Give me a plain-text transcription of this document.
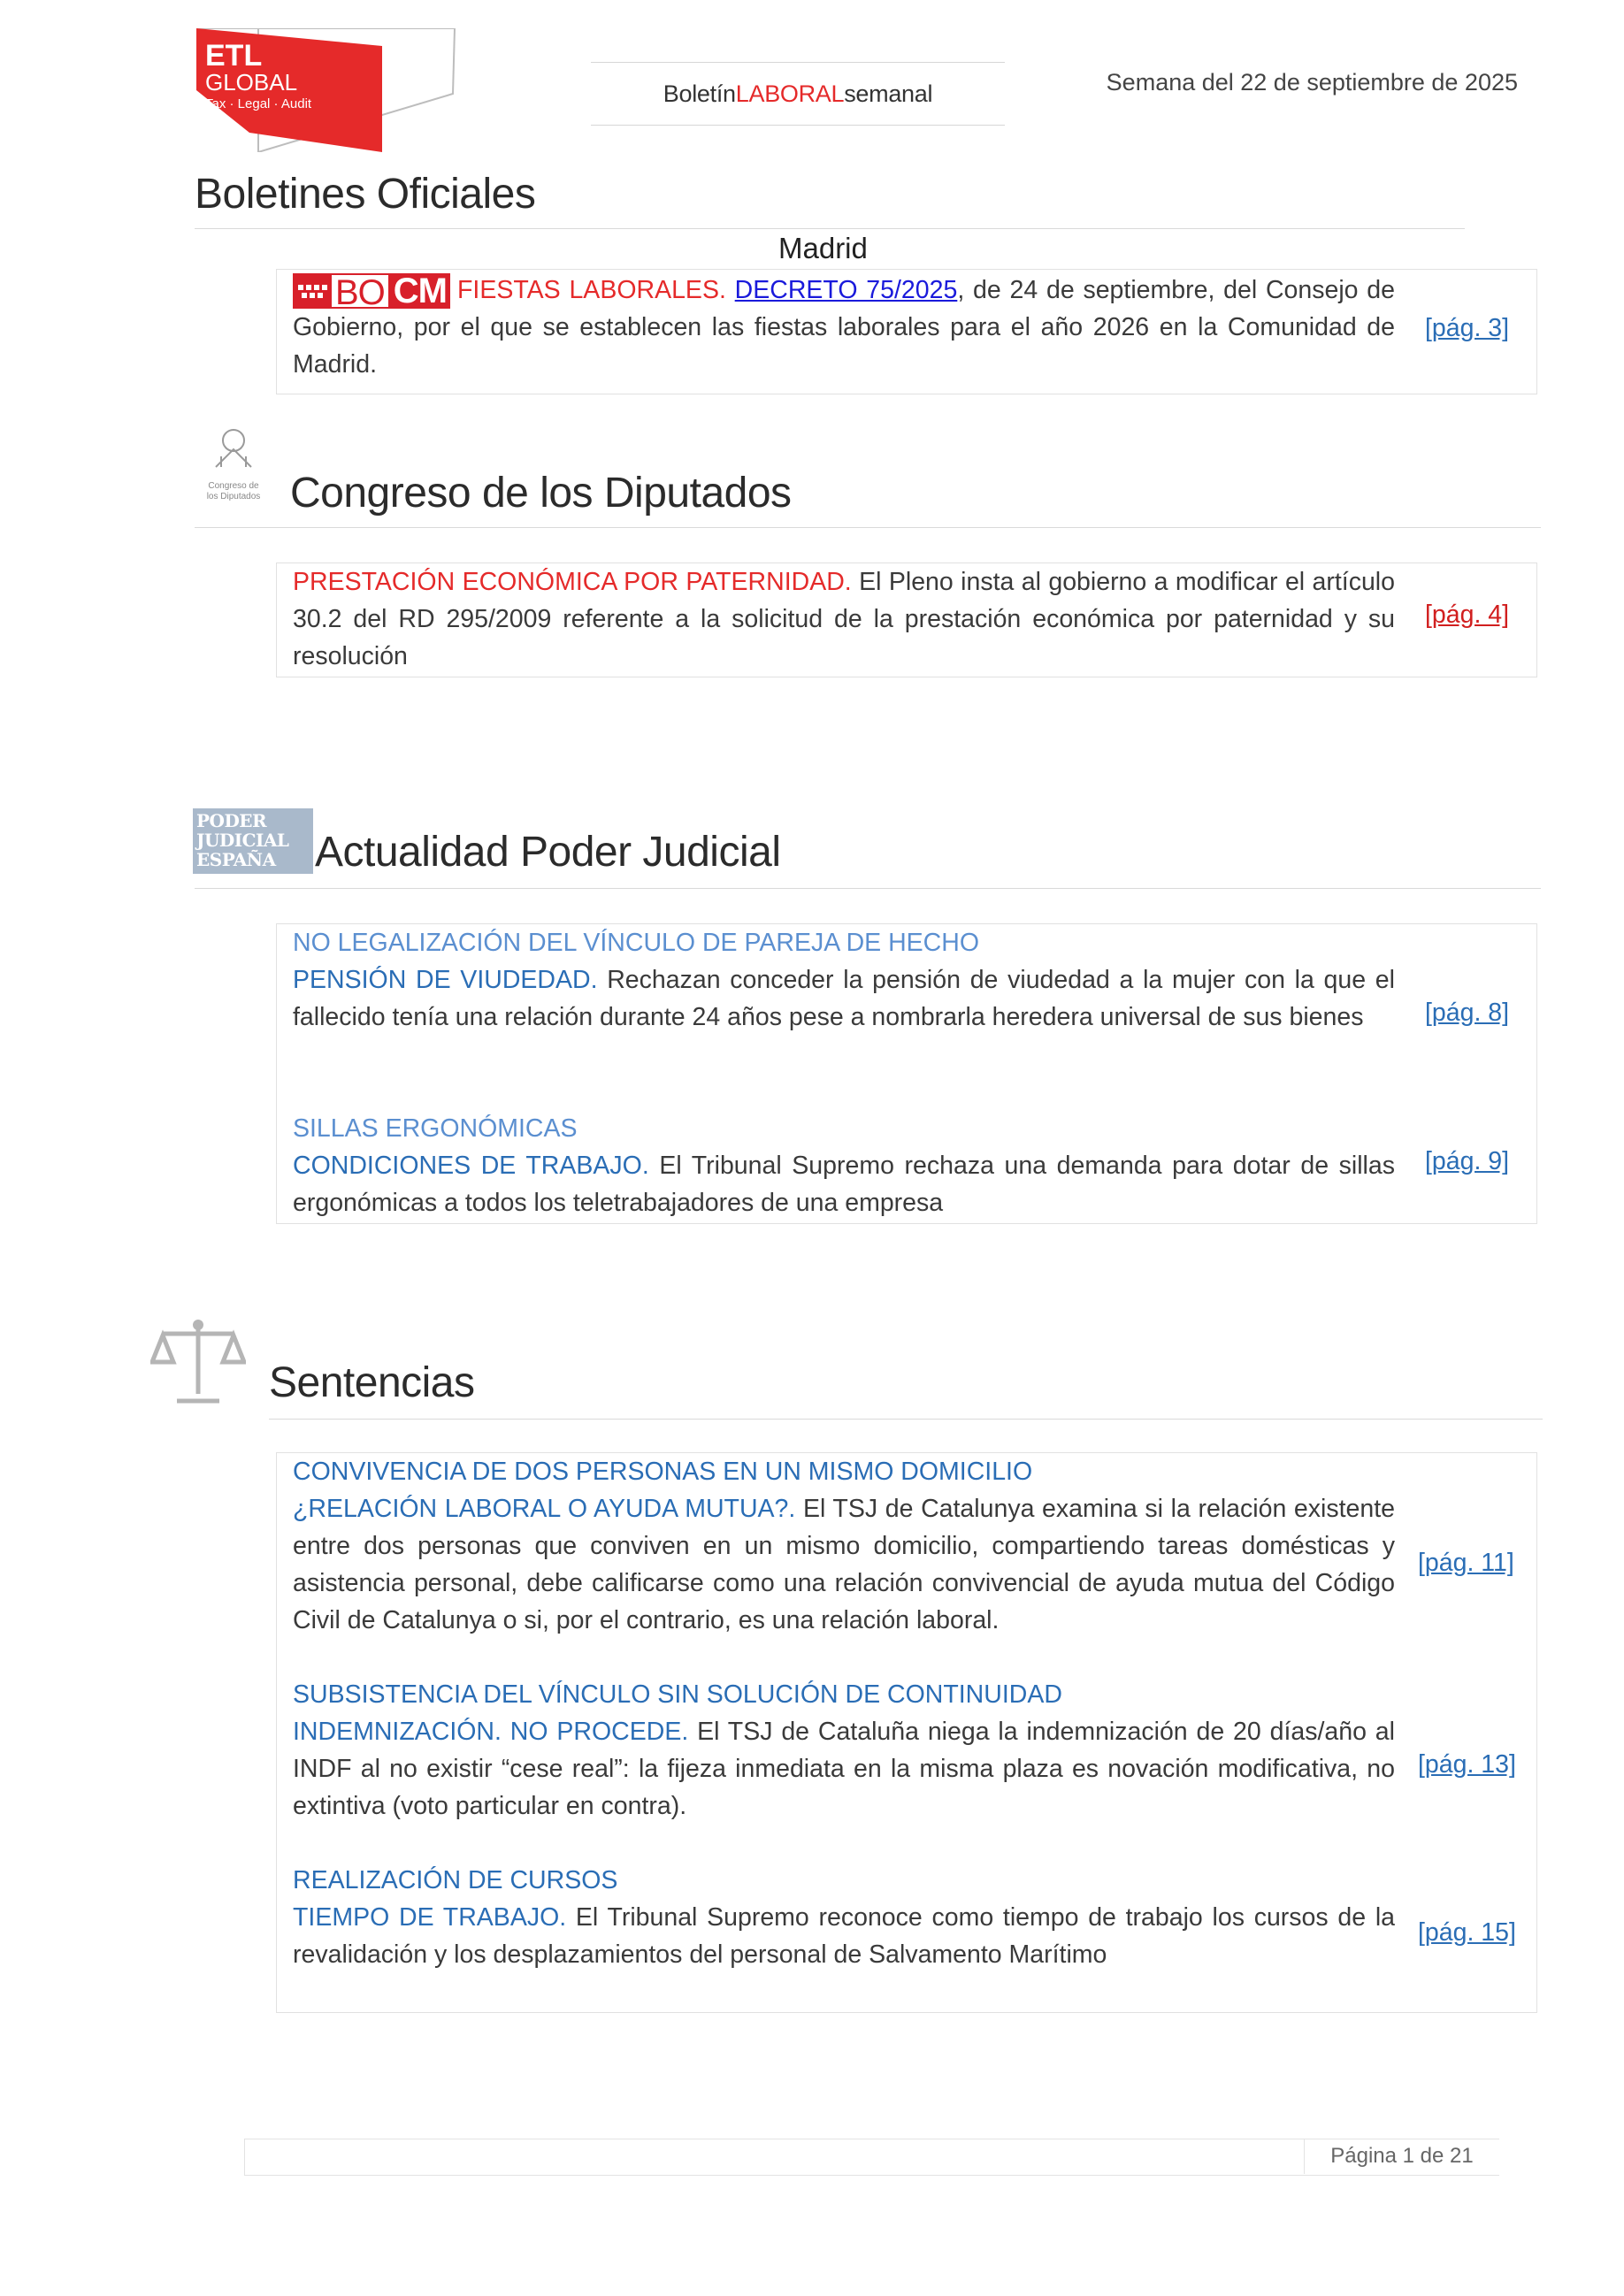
ETL
GLOBAL
Tax · Legal · Audit	Boletín LABORAL semanal	Semana del 22 de septiembre de 2025
Boletines Oficiales
Madrid
BO CM FIESTAS LABORALES. DECRETO 75/2025, de 24 de septiembre, del Consejo de Gobierno, por el que se establecen las fiestas laborales para el año 2026 en la Comunidad de Madrid.
[pág. 3]
Congreso de
los Diputados Congreso de los Diputados
PRESTACIÓN ECONÓMICA POR PATERNIDAD. El Pleno insta al gobierno a modificar el artículo 30.2 del RD 295/2009 referente a la solicitud de la prestación económica por paternidad y su resolución
[pág. 4]
PODER
JUDICIAL
ESPAÑA Actualidad Poder Judicial
NO LEGALIZACIÓN DEL VÍNCULO DE PAREJA DE HECHO
PENSIÓN DE VIUDEDAD. Rechazan conceder la pensión de viudedad a la mujer con la que el fallecido tenía una relación durante 24 años pese a nombrarla heredera universal de sus bienes	[pág. 8]
SILLAS ERGONÓMICAS
CONDICIONES DE TRABAJO. El Tribunal Supremo rechaza una demanda para dotar de sillas ergonómicas a todos los teletrabajadores de una empresa
[pág. 9]
Sentencias
CONVIVENCIA DE DOS PERSONAS EN UN MISMO DOMICILIO
¿RELACIÓN LABORAL O AYUDA MUTUA?. El TSJ de Catalunya examina si la relación existente entre dos personas que conviven en un mismo domicilio, compartiendo tareas domésticas y asistencia personal, debe calificarse como una relación convivencial de ayuda mutua del Código Civil de Catalunya o si, por el contrario, es una relación laboral.
[pág. 11]
SUBSISTENCIA DEL VÍNCULO SIN SOLUCIÓN DE CONTINUIDAD
INDEMNIZACIÓN. NO PROCEDE. El TSJ de Cataluña niega la indemnización de 20 días/año al INDF al no existir “cese real”: la fijeza inmediata en la misma plaza es novación modificativa, no extintiva (voto particular en contra).
[pág. 13]
REALIZACIÓN DE CURSOS
TIEMPO DE TRABAJO. El Tribunal Supremo reconoce como tiempo de trabajo los cursos de la revalidación y los desplazamientos del personal de Salvamento Marítimo
[pág. 15]
Página 1 de 21
